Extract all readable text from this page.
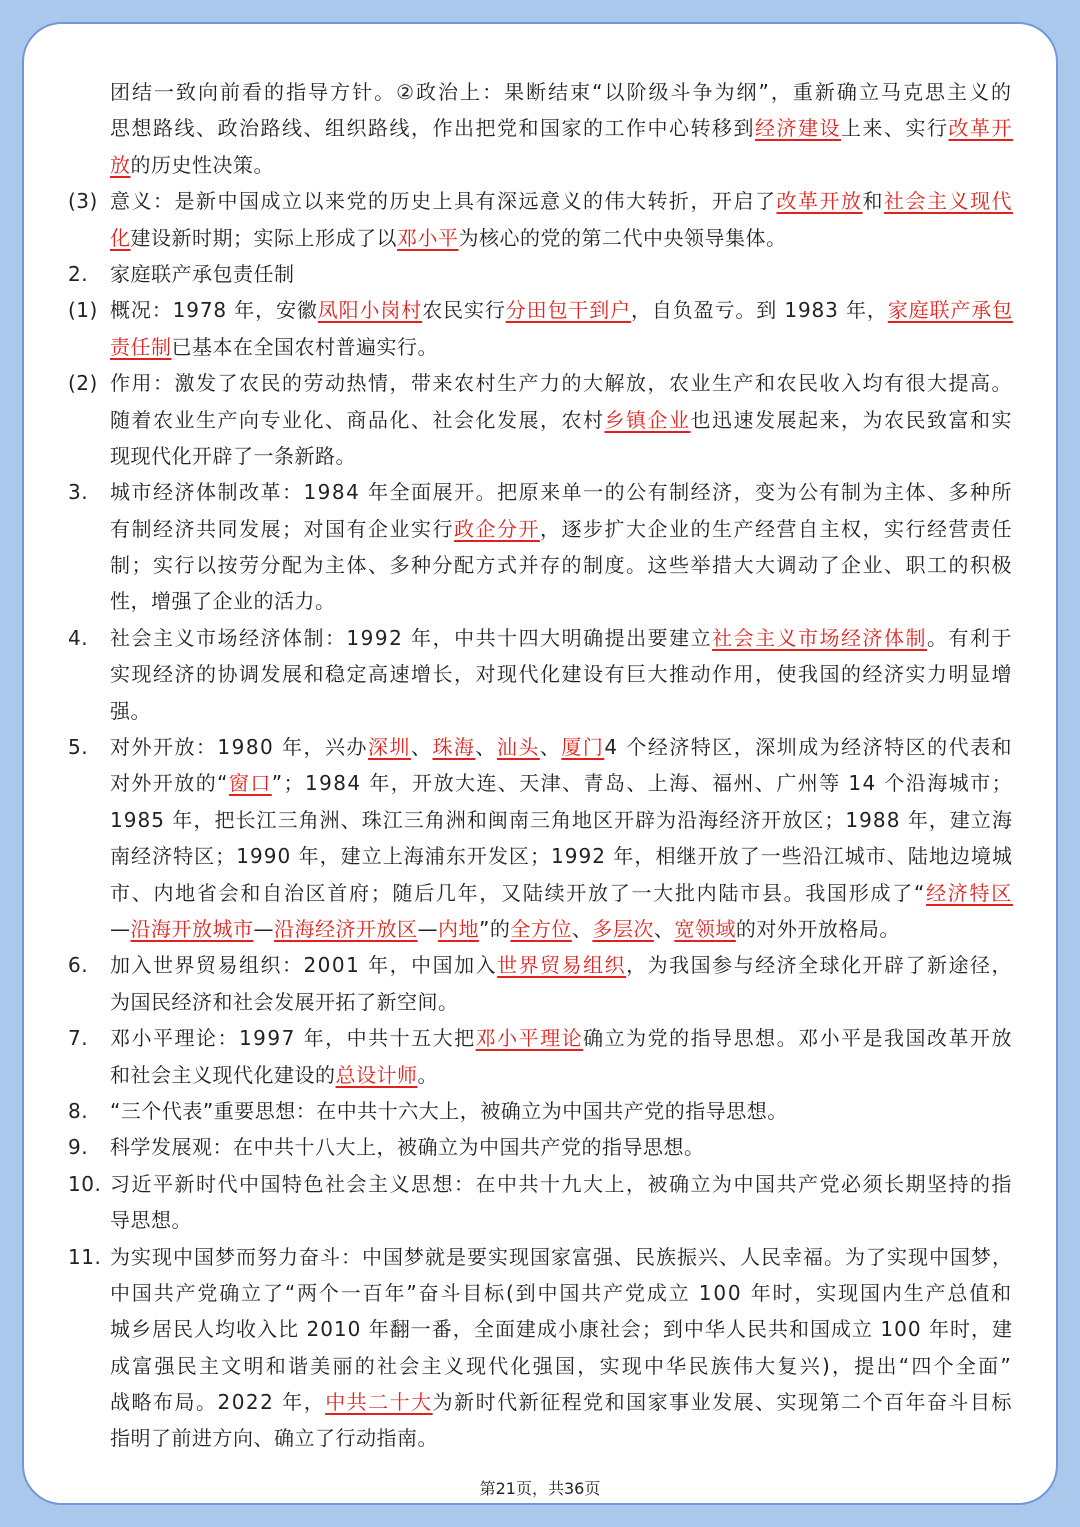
团结一致向前看的指导方针。②政治上：果断结束“以阶级斗争为纲”，重新确立马克思主义的
思想路线、政治路线、组织路线，作出把党和国家的工作中心转移到经济建设上来、实行改革开
放的历史性决策。
(3) 意义：是新中国成立以来党的历史上具有深远意义的伟大转折，开启了改革开放和社会主义现代
化建设新时期；实际上形成了以邓小平为核心的党的第二代中央领导集体。
2. 家庭联产承包责任制
(1) 概况：1978 年，安徽凤阳小岗村农民实行分田包干到户，自负盈亏。到 1983 年，家庭联产承包
责任制已基本在全国农村普遍实行。
(2) 作用：激发了农民的劳动热情，带来农村生产力的大解放，农业生产和农民收入均有很大提高。
随着农业生产向专业化、商品化、社会化发展，农村乡镇企业也迅速发展起来，为农民致富和实
现现代化开辟了一条新路。
3. 城市经济体制改革：1984 年全面展开。把原来单一的公有制经济，变为公有制为主体、多种所
有制经济共同发展；对国有企业实行政企分开，逐步扩大企业的生产经营自主权，实行经营责任
制；实行以按劳分配为主体、多种分配方式并存的制度。这些举措大大调动了企业、职工的积极
性，增强了企业的活力。
4. 社会主义市场经济体制：1992 年，中共十四大明确提出要建立社会主义市场经济体制。有利于
实现经济的协调发展和稳定高速增长，对现代化建设有巨大推动作用，使我国的经济实力明显增
强。
5. 对外开放：1980 年，兴办深圳、珠海、汕头、厦门4 个经济特区，深圳成为经济特区的代表和
对外开放的“窗口”；1984 年，开放大连、天津、青岛、上海、福州、广州等 14 个沿海城市；
1985 年，把长江三角洲、珠江三角洲和闽南三角地区开辟为沿海经济开放区；1988 年，建立海
南经济特区；1990 年，建立上海浦东开发区；1992 年，相继开放了一些沿江城市、陆地边境城
市、内地省会和自治区首府；随后几年，又陆续开放了一大批内陆市县。我国形成了“经济特区
—沿海开放城市—沿海经济开放区—内地”的全方位、多层次、宽领域的对外开放格局。
6. 加入世界贸易组织：2001 年，中国加入世界贸易组织，为我国参与经济全球化开辟了新途径，
为国民经济和社会发展开拓了新空间。
7. 邓小平理论：1997 年，中共十五大把邓小平理论确立为党的指导思想。邓小平是我国改革开放
和社会主义现代化建设的总设计师。
8. “三个代表”重要思想：在中共十六大上，被确立为中国共产党的指导思想。
9. 科学发展观：在中共十八大上，被确立为中国共产党的指导思想。
10. 习近平新时代中国特色社会主义思想：在中共十九大上，被确立为中国共产党必须长期坚持的指
导思想。
11. 为实现中国梦而努力奋斗：中国梦就是要实现国家富强、民族振兴、人民幸福。为了实现中国梦，
中国共产党确立了“两个一百年”奋斗目标(到中国共产党成立 100 年时，实现国内生产总值和
城乡居民人均收入比 2010 年翻一番，全面建成小康社会；到中华人民共和国成立 100 年时，建
成富强民主文明和谐美丽的社会主义现代化强国，实现中华民族伟大复兴)，提出“四个全面”
战略布局。2022 年，中共二十大为新时代新征程党和国家事业发展、实现第二个百年奋斗目标
指明了前进方向、确立了行动指南。
第21页，共36页
